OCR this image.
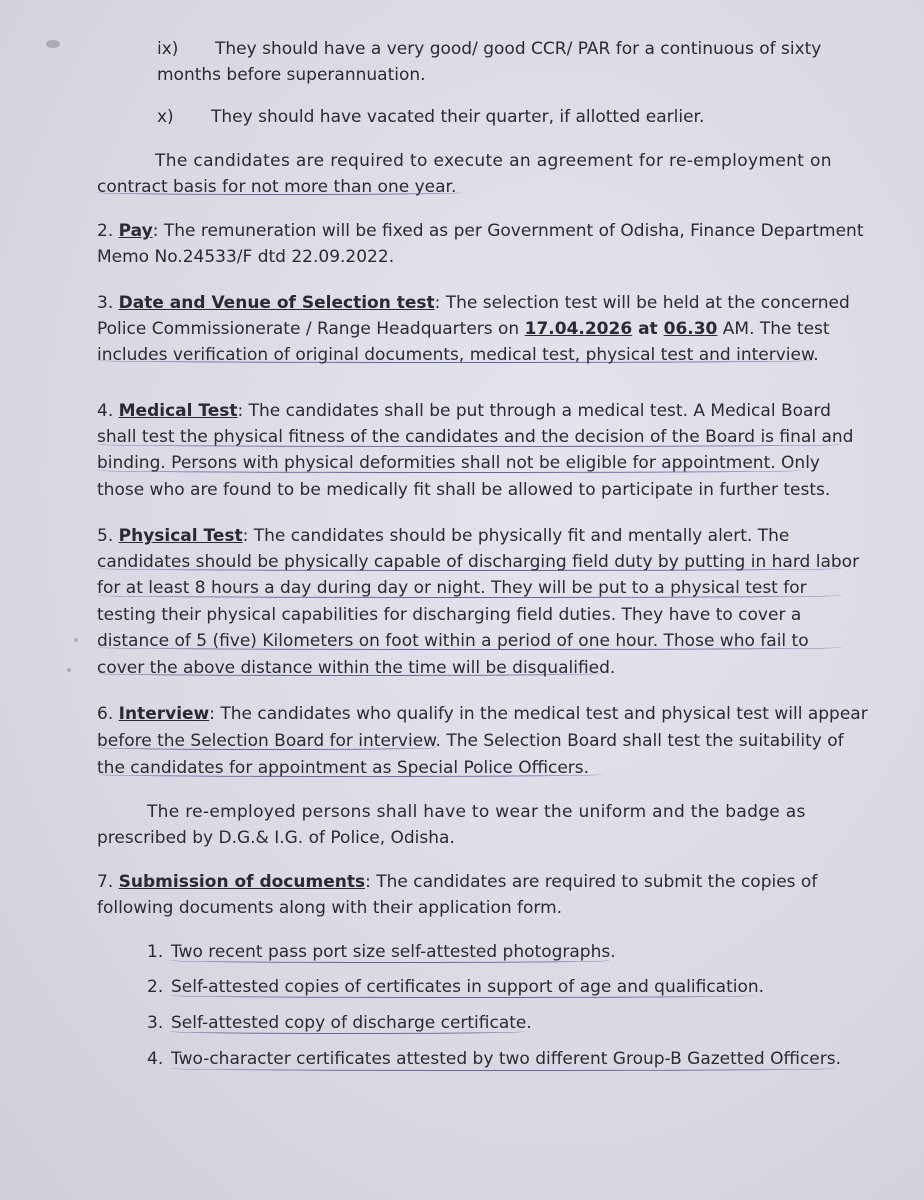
ix) They should have a very good/ good CCR/ PAR for a continuous of sixty
months before superannuation.
x) They should have vacated their quarter, if allotted earlier.
The candidates are required to execute an agreement for re-employment on
contract basis for not more than one year.
2. Pay: The remuneration will be fixed as per Government of Odisha, Finance Department
Memo No.24533/F dtd 22.09.2022.
3. Date and Venue of Selection test: The selection test will be held at the concerned
Police Commissionerate / Range Headquarters on 17.04.2026 at 06.30 AM. The test
includes verification of original documents, medical test, physical test and interview.
4. Medical Test: The candidates shall be put through a medical test. A Medical Board
shall test the physical fitness of the candidates and the decision of the Board is final and
binding. Persons with physical deformities shall not be eligible for appointment. Only
those who are found to be medically fit shall be allowed to participate in further tests.
5. Physical Test: The candidates should be physically fit and mentally alert. The
candidates should be physically capable of discharging field duty by putting in hard labor
for at least 8 hours a day during day or night. They will be put to a physical test for
testing their physical capabilities for discharging field duties. They have to cover a
distance of 5 (five) Kilometers on foot within a period of one hour. Those who fail to
cover the above distance within the time will be disqualified.
6. Interview: The candidates who qualify in the medical test and physical test will appear
before the Selection Board for interview. The Selection Board shall test the suitability of
the candidates for appointment as Special Police Officers.
The re-employed persons shall have to wear the uniform and the badge as
prescribed by D.G.& I.G. of Police, Odisha.
7. Submission of documents: The candidates are required to submit the copies of
following documents along with their application form.
1. Two recent pass port size self-attested photographs.
2. Self-attested copies of certificates in support of age and qualification.
3. Self-attested copy of discharge certificate.
4. Two-character certificates attested by two different Group-B Gazetted Officers.
